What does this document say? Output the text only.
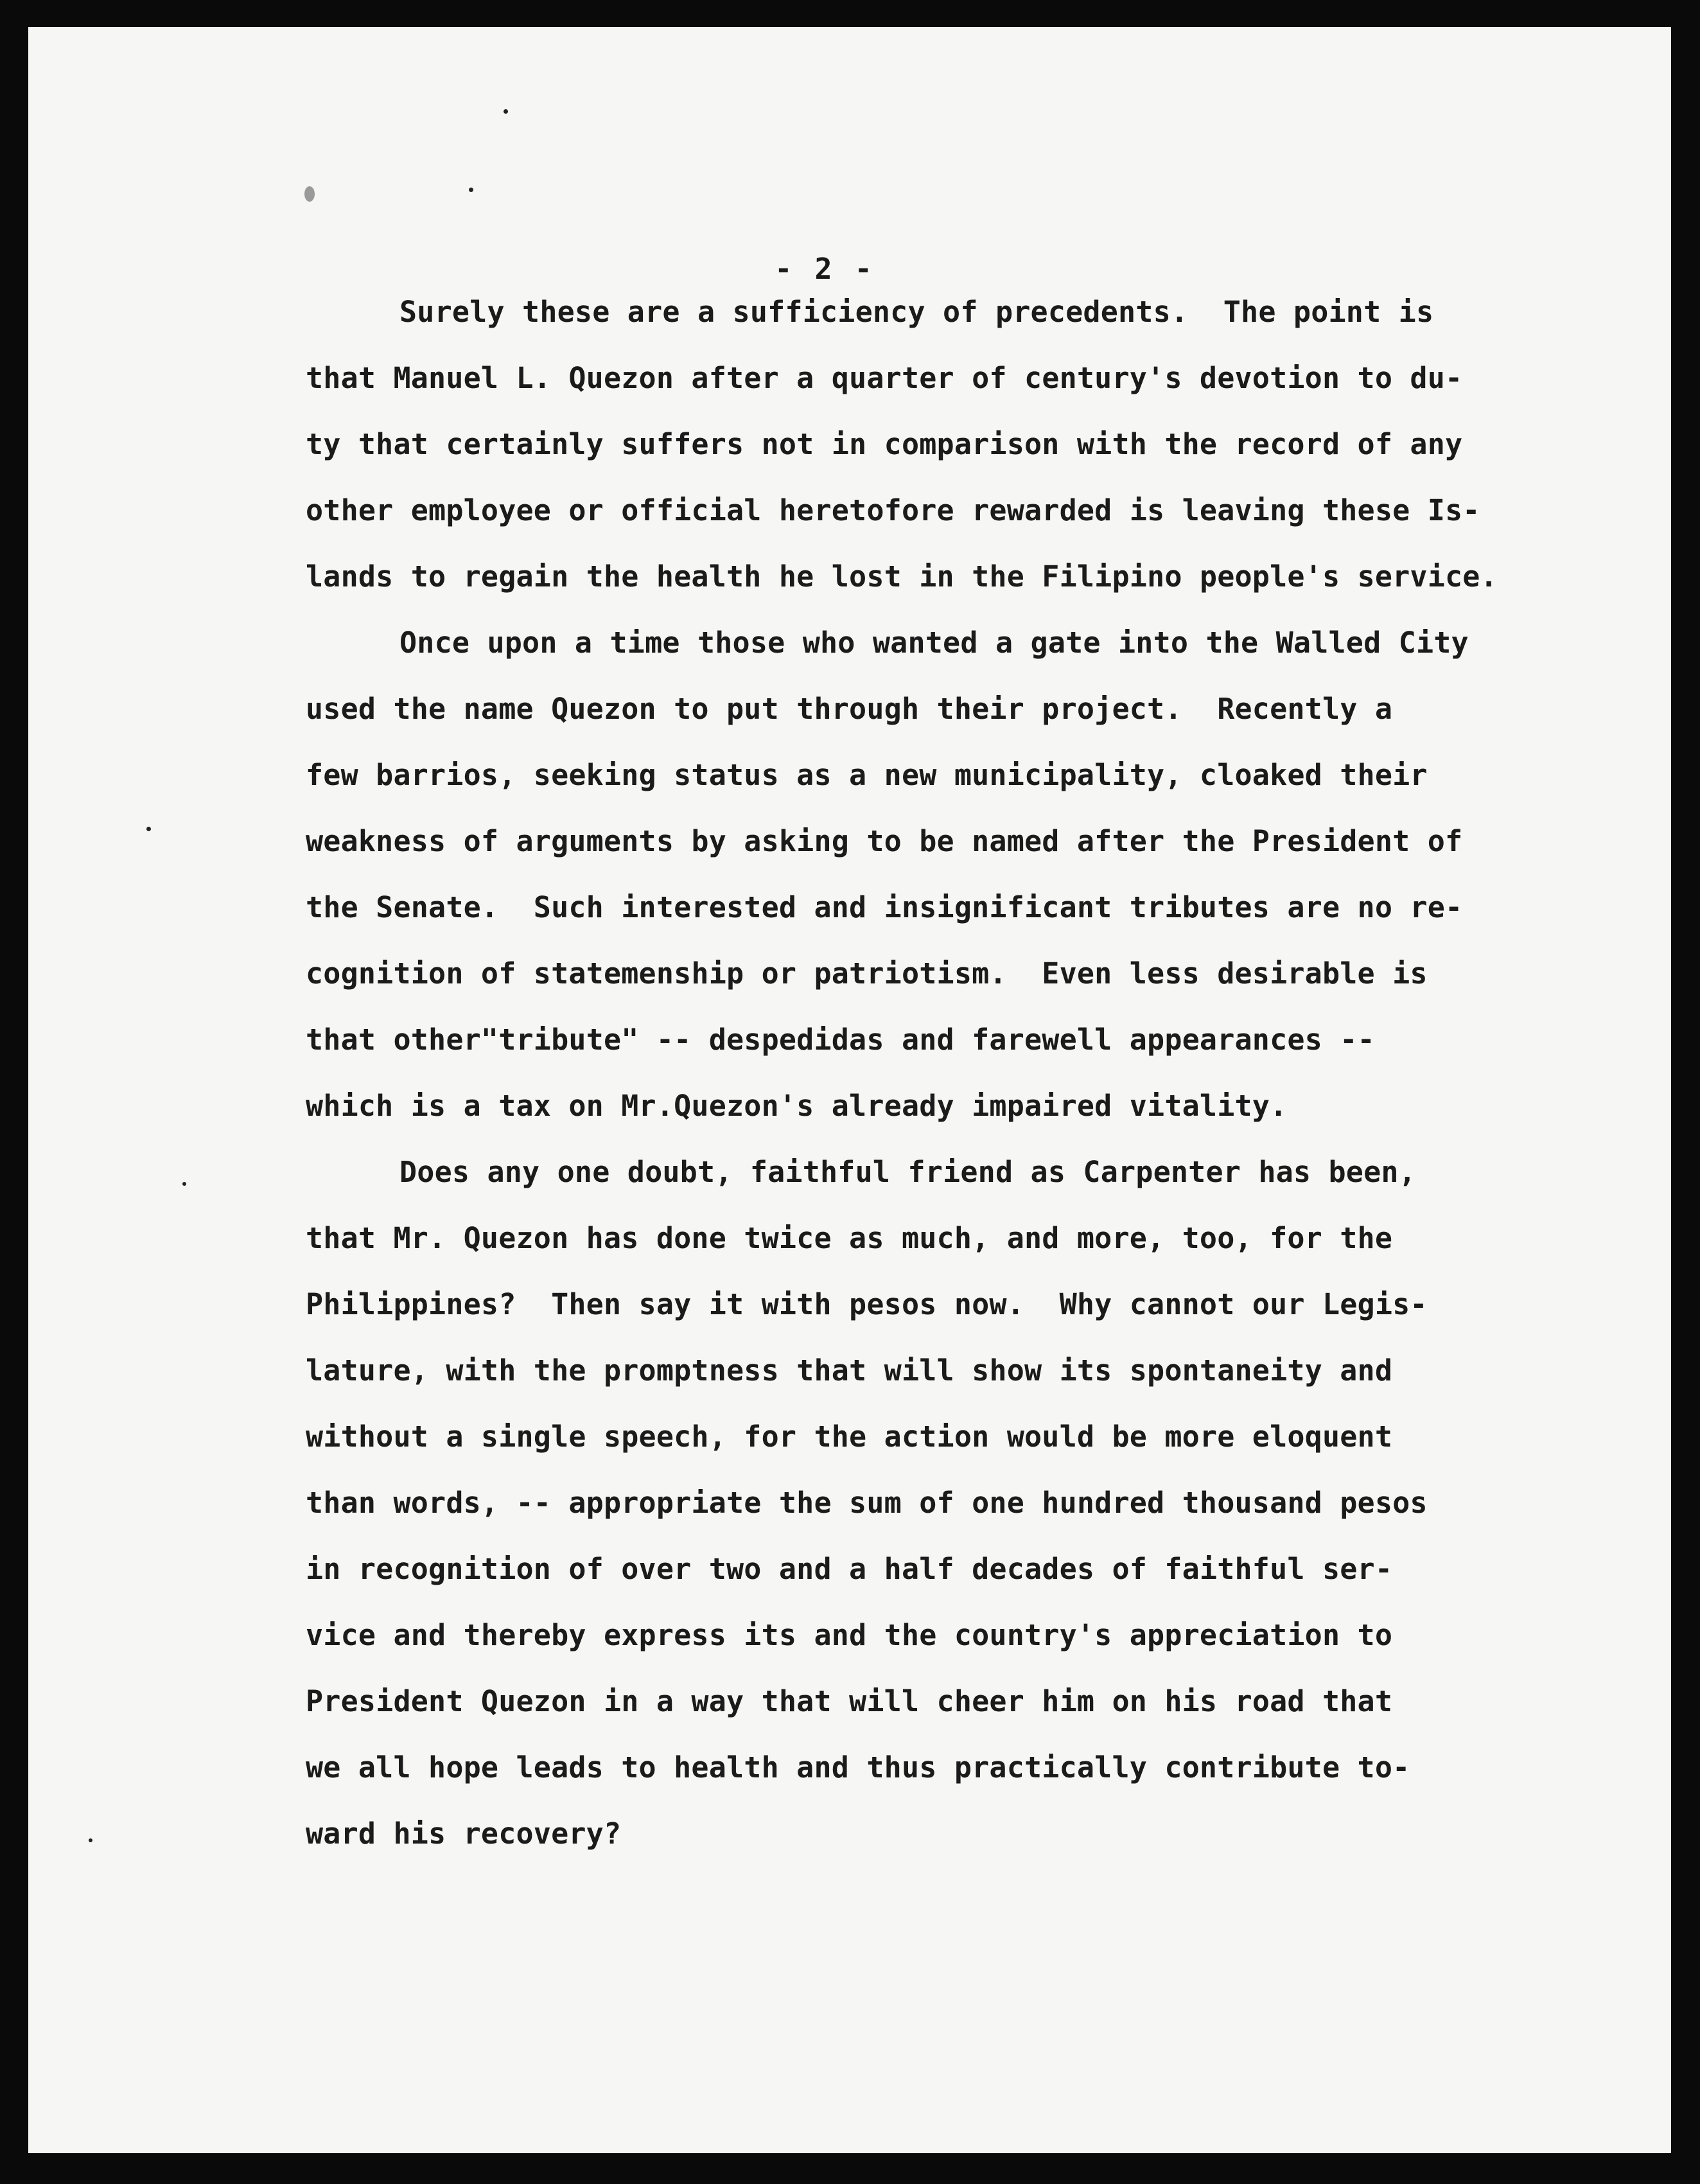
- 2 -
Surely these are a sufficiency of precedents.  The point is
that Manuel L. Quezon after a quarter of century's devotion to du-
ty that certainly suffers not in comparison with the record of any
other employee or official heretofore rewarded is leaving these Is-
lands to regain the health he lost in the Filipino people's service.
Once upon a time those who wanted a gate into the Walled City
used the name Quezon to put through their project.  Recently a
few barrios, seeking status as a new municipality, cloaked their
weakness of arguments by asking to be named after the President of
the Senate.  Such interested and insignificant tributes are no re-
cognition of statemenship or patriotism.  Even less desirable is
that other"tribute" -- despedidas and farewell appearances --
which is a tax on Mr.Quezon's already impaired vitality.
Does any one doubt, faithful friend as Carpenter has been,
that Mr. Quezon has done twice as much, and more, too, for the
Philippines?  Then say it with pesos now.  Why cannot our Legis-
lature, with the promptness that will show its spontaneity and
without a single speech, for the action would be more eloquent
than words, -- appropriate the sum of one hundred thousand pesos
in recognition of over two and a half decades of faithful ser-
vice and thereby express its and the country's appreciation to
President Quezon in a way that will cheer him on his road that
we all hope leads to health and thus practically contribute to-
ward his recovery?
